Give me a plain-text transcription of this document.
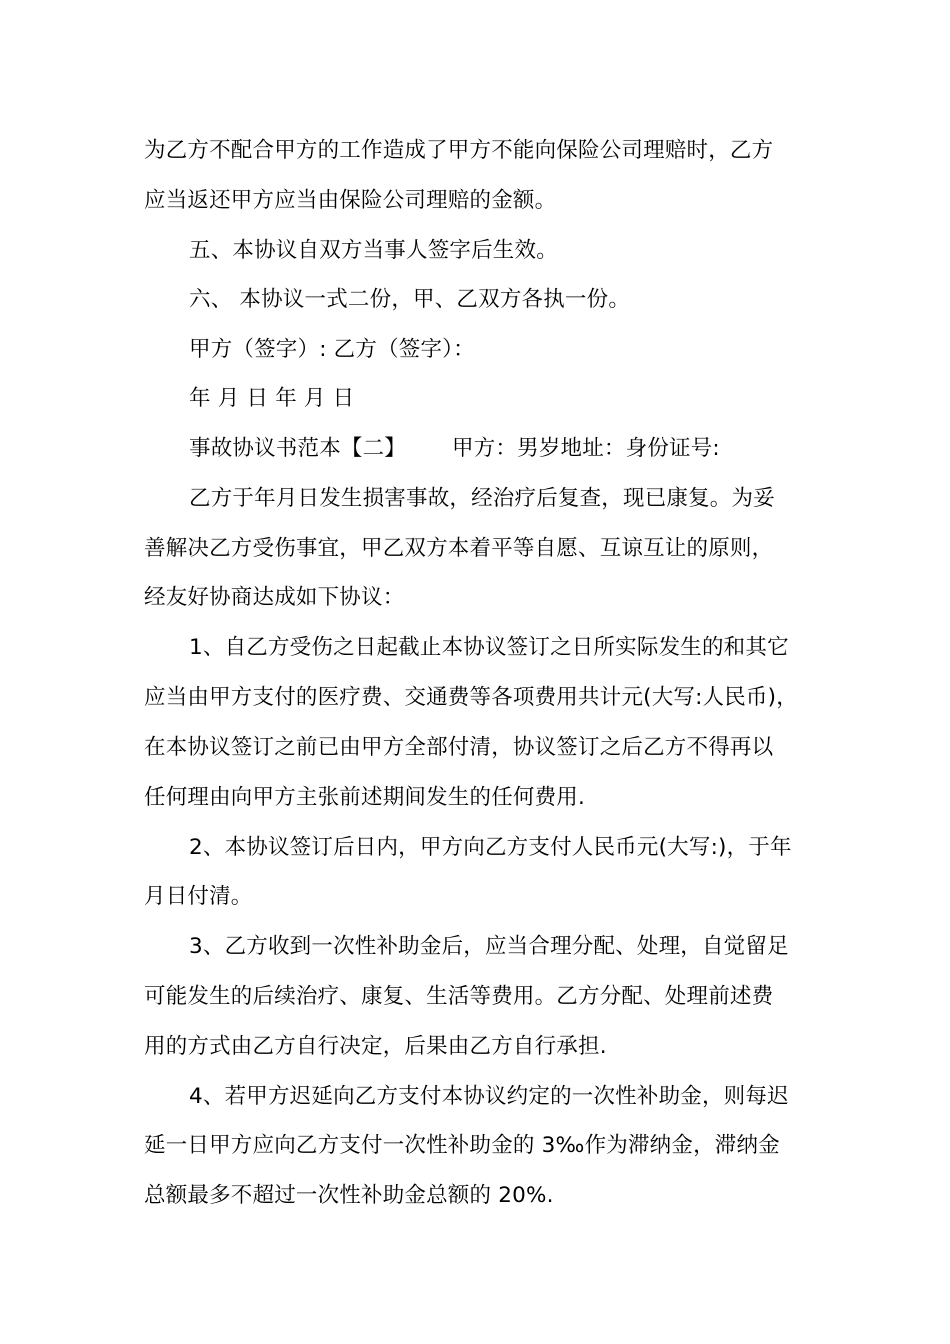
为乙方不配合甲方的工作造成了甲方不能向保险公司理赔时，乙方
应当返还甲方应当由保险公司理赔的金额。
五、本协议自双方当事人签字后生效。
六、 本协议一式二份，甲、乙双方各执一份。
甲方（签字）: 乙方（签字）：
年 月 日 年 月 日
事故协议书范本【二】 甲方：男岁地址：身份证号:
乙方于年月日发生损害事故，经治疗后复查，现已康复。为妥
善解决乙方受伤事宜，甲乙双方本着平等自愿、互谅互让的原则，
经友好协商达成如下协议：
1、自乙方受伤之日起截止本协议签订之日所实际发生的和其它
应当由甲方支付的医疗费、交通费等各项费用共计元(大写:人民币)，
在本协议签订之前已由甲方全部付清，协议签订之后乙方不得再以
任何理由向甲方主张前述期间发生的任何费用.
2、本协议签订后日内，甲方向乙方支付人民币元(大写:)，于年
月日付清。
3、乙方收到一次性补助金后，应当合理分配、处理，自觉留足
可能发生的后续治疗、康复、生活等费用。乙方分配、处理前述费
用的方式由乙方自行决定，后果由乙方自行承担.
4、若甲方迟延向乙方支付本协议约定的一次性补助金，则每迟
延一日甲方应向乙方支付一次性补助金的 3‰作为滞纳金，滞纳金
总额最多不超过一次性补助金总额的 20%.
